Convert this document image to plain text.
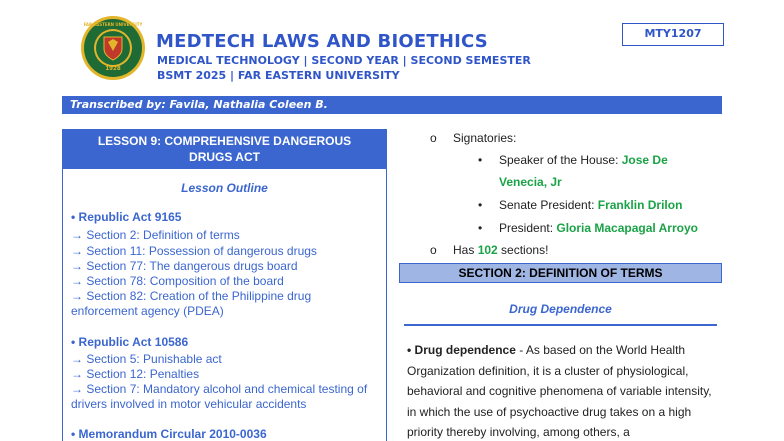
1928
FAR EASTERN UNIVERSITY
MEDTECH LAWS AND BIOETHICS
MEDICAL TECHNOLOGY | SECOND YEAR | SECOND SEMESTER
BSMT 2025 | FAR EASTERN UNIVERSITY
MTY1207
Transcribed by: Favila, Nathalia Coleen B.
LESSON 9: COMPREHENSIVE DANGEROUS DRUGS ACT
Lesson Outline
• Republic Act 9165
→ Section 2: Definition of terms
→ Section 11: Possession of dangerous drugs
→ Section 77: The dangerous drugs board
→ Section 78: Composition of the board
→ Section 82: Creation of the Philippine drug enforcement agency (PDEA)
• Republic Act 10586
→ Section 5: Punishable act
→ Section 12: Penalties
→ Section 7: Mandatory alcohol and chemical testing of drivers involved in motor vehicular accidents
• Memorandum Circular 2010-0036
o Signatories:
• Speaker of the House: Jose De
Venecia, Jr
• Senate President: Franklin Drilon
• President: Gloria Macapagal Arroyo
o Has 102 sections!
SECTION 2: DEFINITION OF TERMS
Drug Dependence
• Drug dependence - As based on the World Health Organization definition, it is a cluster of physiological, behavioral and cognitive phenomena of variable intensity, in which the use of psychoactive drug takes on a high priority thereby involving, among others, a
